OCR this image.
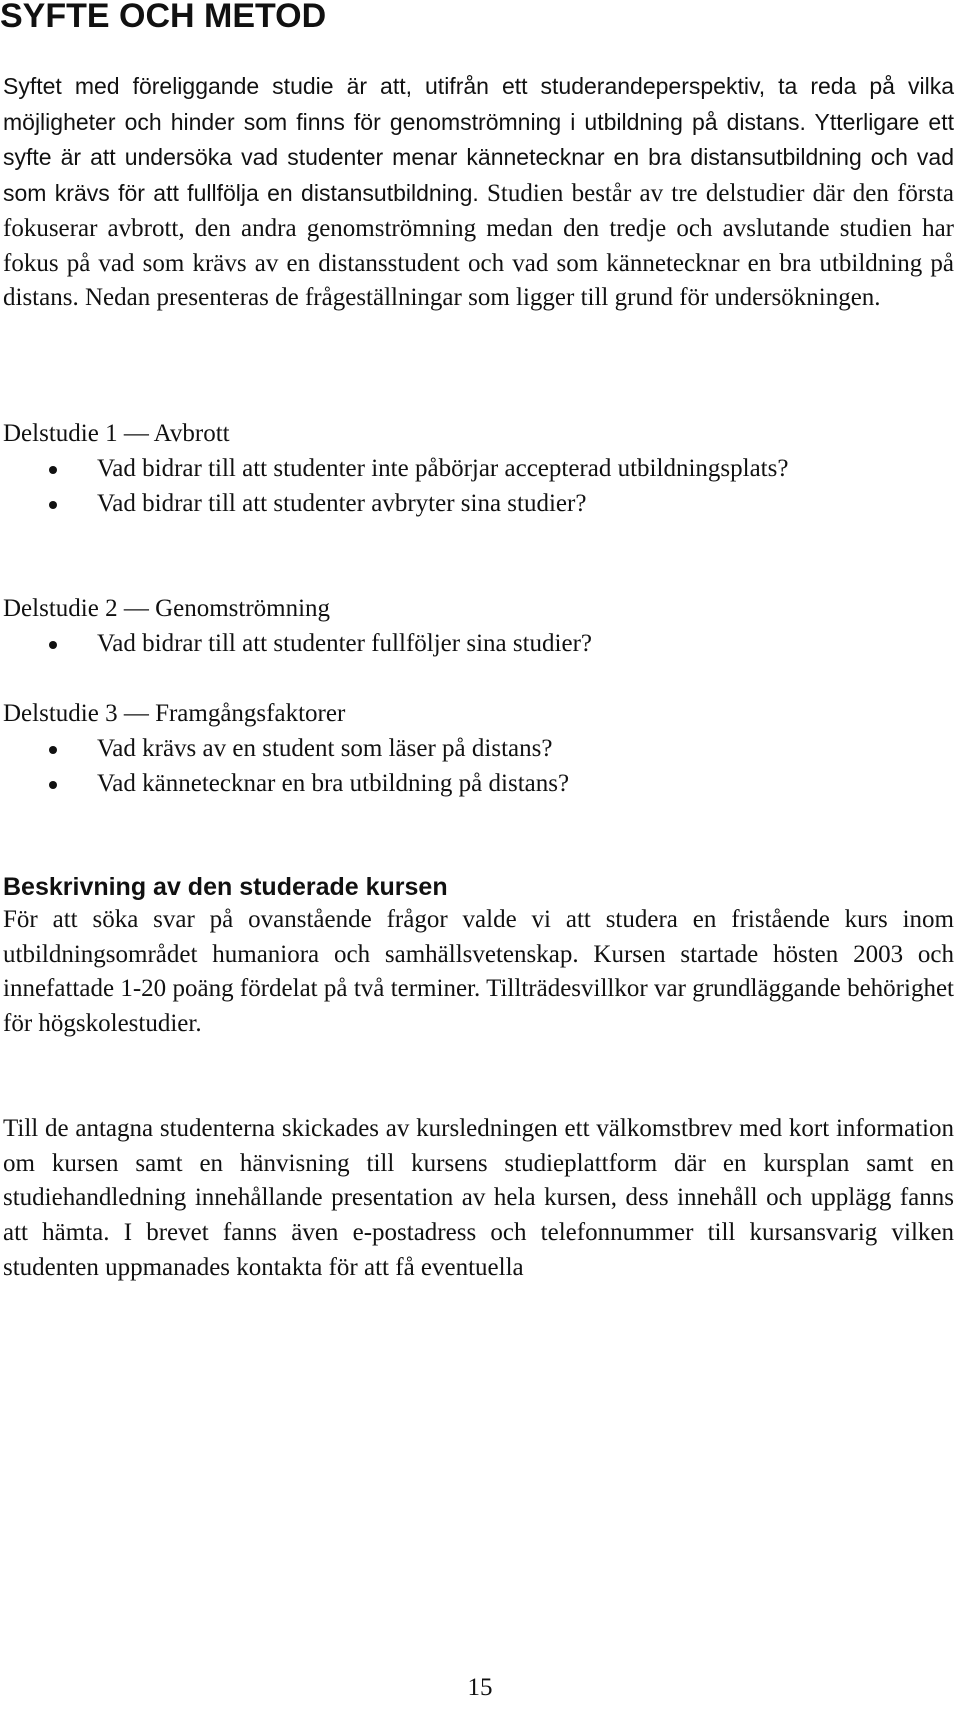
SYFTE OCH METOD

Syftet med föreliggande studie är att, utifrån ett studerandeperspektiv, ta reda på vilka möjligheter och hinder som finns för genomströmning i utbildning på distans. Ytterligare ett syfte är att undersöka vad studenter menar kännetecknar en bra distansutbildning och vad som krävs för att fullfölja en distansutbildning. Studien består av tre delstudier där den första fokuserar avbrott, den andra genomströmning medan den tredje och avslutande studien har fokus på vad som krävs av en distansstudent och vad som kännetecknar en bra utbildning på distans. Nedan presenteras de frågeställningar som ligger till grund för undersökningen.

Delstudie 1 — Avbrott

Vad bidrar till att studenter inte påbörjar accepterad utbildningsplats?
Vad bidrar till att studenter avbryter sina studier?

Delstudie 2 — Genomströmning

Vad bidrar till att studenter fullföljer sina studier?

Delstudie 3 — Framgångsfaktorer

Vad krävs av en student som läser på distans?
Vad kännetecknar en bra utbildning på distans?
Beskrivning av den studerade kursen

För att söka svar på ovanstående frågor valde vi att studera en fristående kurs inom utbildningsområdet humaniora och samhällsvetenskap. Kursen startade hösten 2003 och innefattade 1-20 poäng fördelat på två terminer. Tillträdesvillkor var grundläggande behörighet för högskolestudier.

Till de antagna studenterna skickades av kursledningen ett välkomstbrev med kort information om kursen samt en hänvisning till kursens studieplattform där en kursplan samt en studiehandledning innehållande presentation av hela kursen, dess innehåll och upplägg fanns att hämta. I brevet fanns även e-postadress och telefonnummer till kursansvarig vilken studenten uppmanades kontakta för att få eventuella

15
